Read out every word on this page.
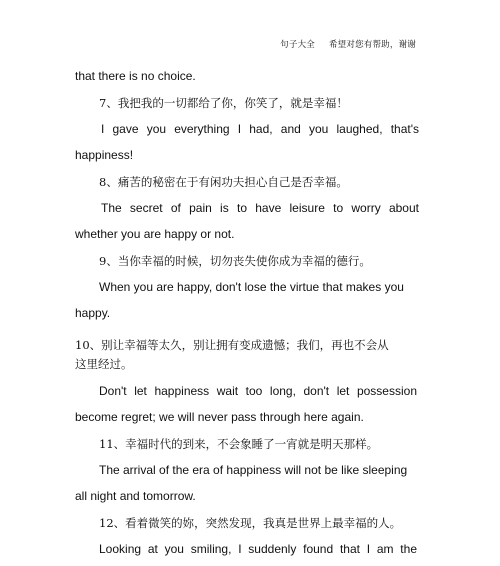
句子大全 希望对您有帮助，谢谢
that there is no choice.
7、我把我的一切都给了你，你笑了，就是幸福！
I gave you everything I had, and you laughed, that's
happiness!
8、痛苦的秘密在于有闲功夫担心自己是否幸福。
The secret of pain is to have leisure to worry about
whether you are happy or not.
9、当你幸福的时候，切勿丧失使你成为幸福的德行。
When you are happy, don't lose the virtue that makes you
happy.
10、别让幸福等太久，别让拥有变成遗憾；我们，再也不会从
这里经过。
Don't let happiness wait too long, don't let possession
become regret; we will never pass through here again.
11、幸福时代的到来，不会象睡了一宵就是明天那样。
The arrival of the era of happiness will not be like sleeping
all night and tomorrow.
12、看着微笑的妳，突然发现，我真是世界上最幸福的人。
Looking at you smiling, I suddenly found that I am the
